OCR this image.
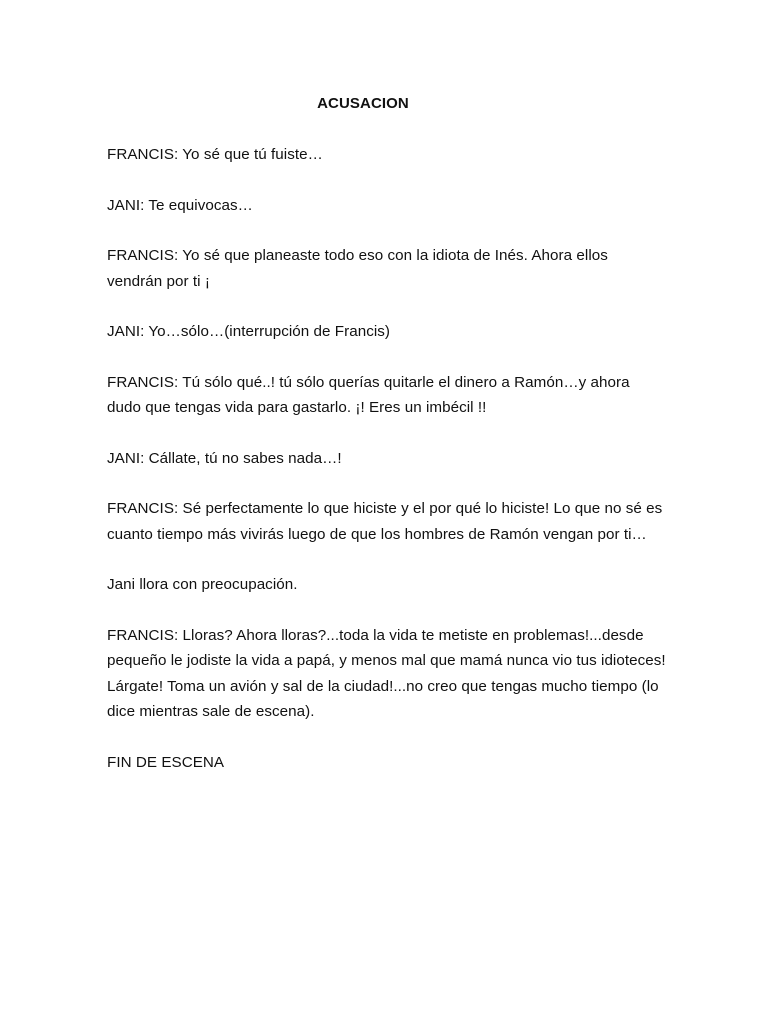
ACUSACION

FRANCIS: Yo sé que tú fuiste…

JANI: Te equivocas…

FRANCIS: Yo sé que planeaste todo eso con la idiota de Inés. Ahora ellos vendrán por ti ¡

JANI: Yo…sólo…(interrupción de Francis)

FRANCIS: Tú sólo qué..! tú sólo querías quitarle el dinero a Ramón…y ahora dudo que tengas vida para gastarlo. ¡! Eres un imbécil !!

JANI: Cállate, tú no sabes nada…!

FRANCIS: Sé perfectamente lo que hiciste y el por qué lo hiciste! Lo que no sé es cuanto tiempo más vivirás luego de que los hombres de Ramón vengan por ti…

Jani llora con preocupación.

FRANCIS: Lloras? Ahora lloras?...toda la vida te metiste en problemas!...desde pequeño le jodiste la vida a papá, y menos mal que mamá nunca vio tus idioteces!

Lárgate! Toma un avión y sal de la ciudad!...no creo que tengas mucho tiempo (lo dice mientras sale de escena).

FIN DE ESCENA
